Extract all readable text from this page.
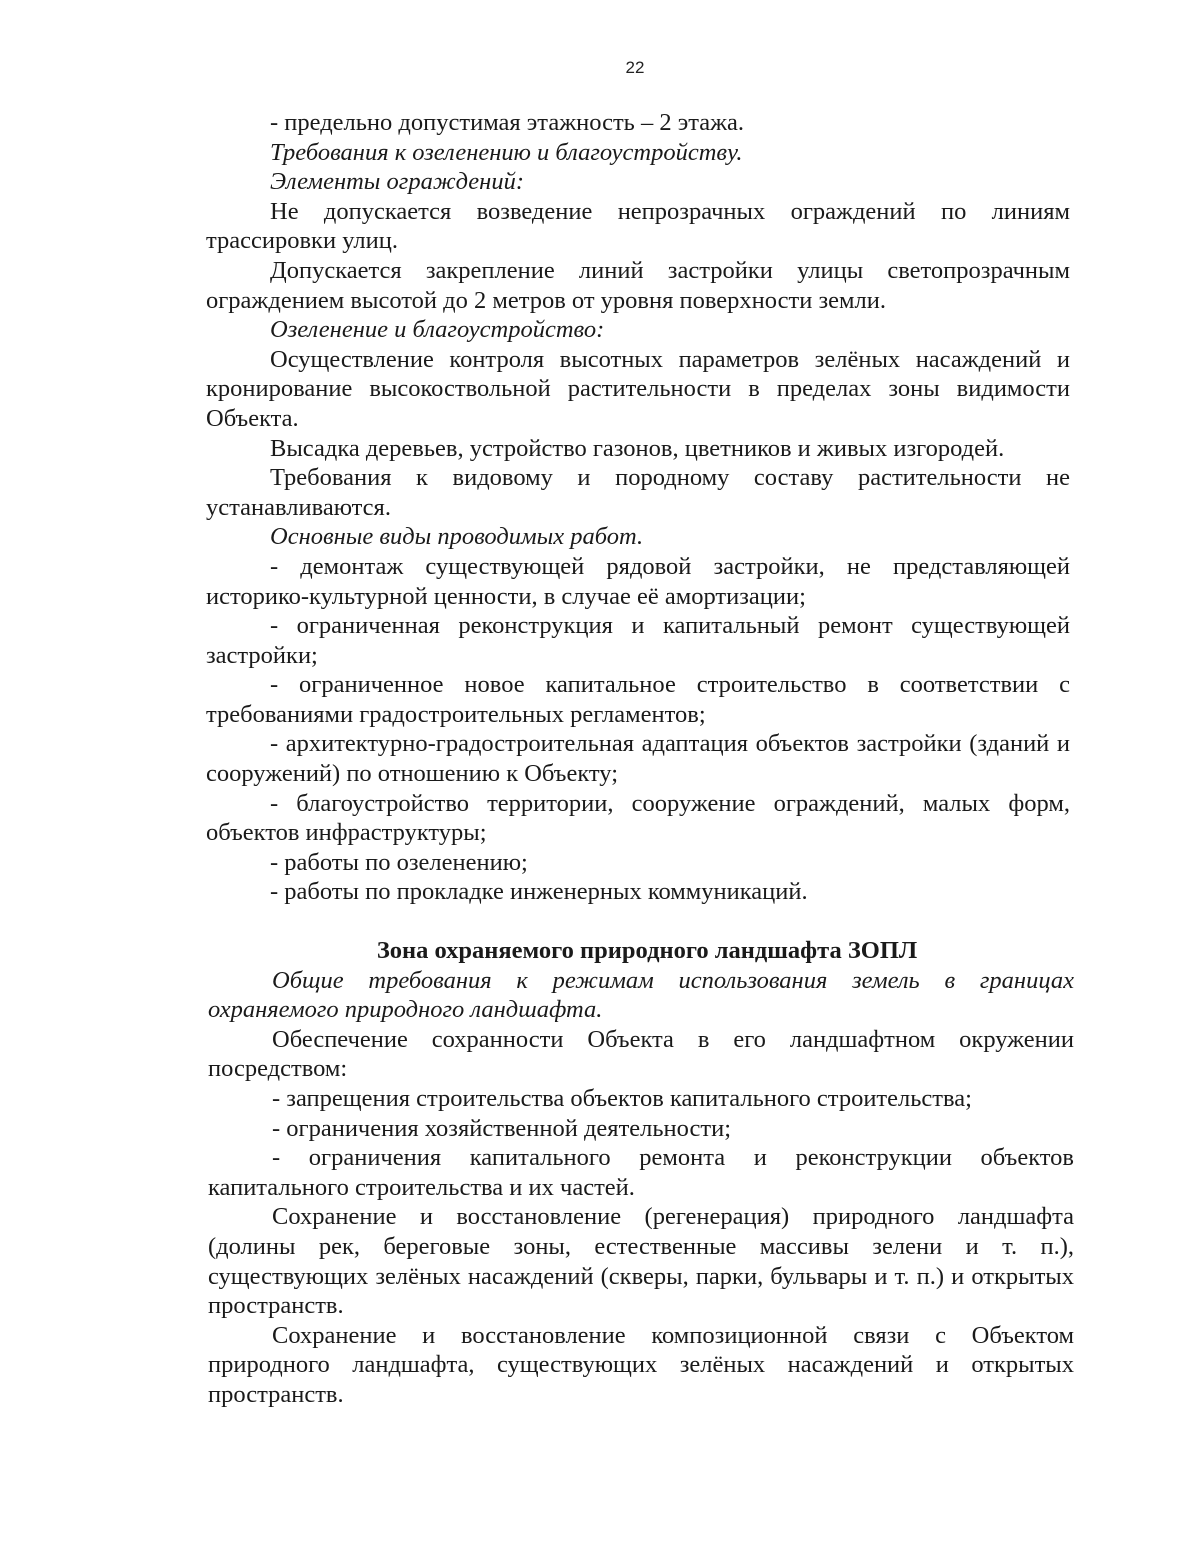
22

- предельно допустимая этажность – 2 этажа.

Требования к озеленению и благоустройству.

Элементы ограждений:

Не допускается возведение непрозрачных ограждений по линиям трассировки улиц.

Допускается закрепление линий застройки улицы светопрозрачным ограждением высотой до 2 метров от уровня поверхности земли.

Озеленение и благоустройство:

Осуществление контроля высотных параметров зелёных насаждений и кронирование высокоствольной растительности в пределах зоны видимости Объекта.

Высадка деревьев, устройство газонов, цветников и живых изгородей.

Требования к видовому и породному составу растительности не устанавливаются.

Основные виды проводимых работ.

- демонтаж существующей рядовой застройки, не представляющей историко-культурной ценности, в случае её амортизации;

- ограниченная реконструкция и капитальный ремонт существующей застройки;

- ограниченное новое капитальное строительство в соответствии с требованиями градостроительных регламентов;

- архитектурно-градостроительная адаптация объектов застройки (зданий и сооружений) по отношению к Объекту;

- благоустройство территории, сооружение ограждений, малых форм, объектов инфраструктуры;

- работы по озеленению;

- работы по прокладке инженерных коммуникаций.

Зона охраняемого природного ландшафта ЗОПЛ

Общие требования к режимам использования земель в границах охраняемого природного ландшафта.

Обеспечение сохранности Объекта в его ландшафтном окружении посредством:

- запрещения строительства объектов капитального строительства;

- ограничения хозяйственной деятельности;

- ограничения капитального ремонта и реконструкции объектов капитального строительства и их частей.

Сохранение и восстановление (регенерация) природного ландшафта (долины рек, береговые зоны, естественные массивы зелени и т. п.), существующих зелёных насаждений (скверы, парки, бульвары и т. п.) и открытых пространств.

Сохранение и восстановление композиционной связи с Объектом природного ландшафта, существующих зелёных насаждений и открытых пространств.
